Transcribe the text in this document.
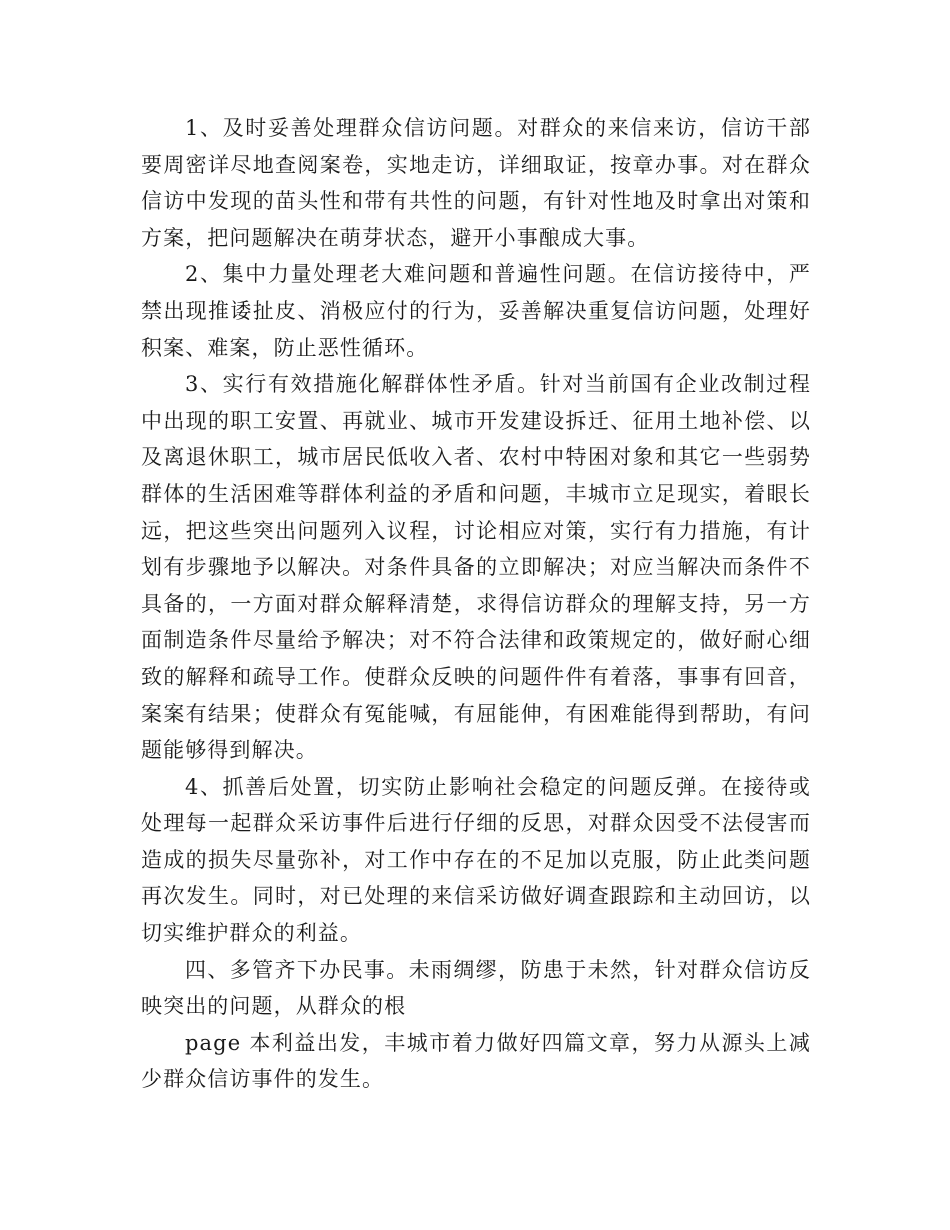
1、及时妥善处理群众信访问题。对群众的来信来访，信访干部要周密详尽地查阅案卷，实地走访，详细取证，按章办事。对在群众信访中发现的苗头性和带有共性的问题，有针对性地及时拿出对策和方案，把问题解决在萌芽状态，避开小事酿成大事。

2、集中力量处理老大难问题和普遍性问题。在信访接待中，严禁出现推诿扯皮、消极应付的行为，妥善解决重复信访问题，处理好积案、难案，防止恶性循环。

3、实行有效措施化解群体性矛盾。针对当前国有企业改制过程中出现的职工安置、再就业、城市开发建设拆迁、征用土地补偿、以及离退休职工，城市居民低收入者、农村中特困对象和其它一些弱势群体的生活困难等群体利益的矛盾和问题，丰城市立足现实，着眼长远，把这些突出问题列入议程，讨论相应对策，实行有力措施，有计划有步骤地予以解决。对条件具备的立即解决；对应当解决而条件不具备的，一方面对群众解释清楚，求得信访群众的理解支持，另一方面制造条件尽量给予解决；对不符合法律和政策规定的，做好耐心细致的解释和疏导工作。使群众反映的问题件件有着落，事事有回音，案案有结果；使群众有冤能喊，有屈能伸，有困难能得到帮助，有问题能够得到解决。

4、抓善后处置，切实防止影响社会稳定的问题反弹。在接待或处理每一起群众采访事件后进行仔细的反思，对群众因受不法侵害而造成的损失尽量弥补，对工作中存在的不足加以克服，防止此类问题再次发生。同时，对已处理的来信采访做好调查跟踪和主动回访，以切实维护群众的利益。

四、多管齐下办民事。未雨绸缪，防患于未然，针对群众信访反映突出的问题，从群众的根

page 本利益出发，丰城市着力做好四篇文章，努力从源头上减少群众信访事件的发生。
